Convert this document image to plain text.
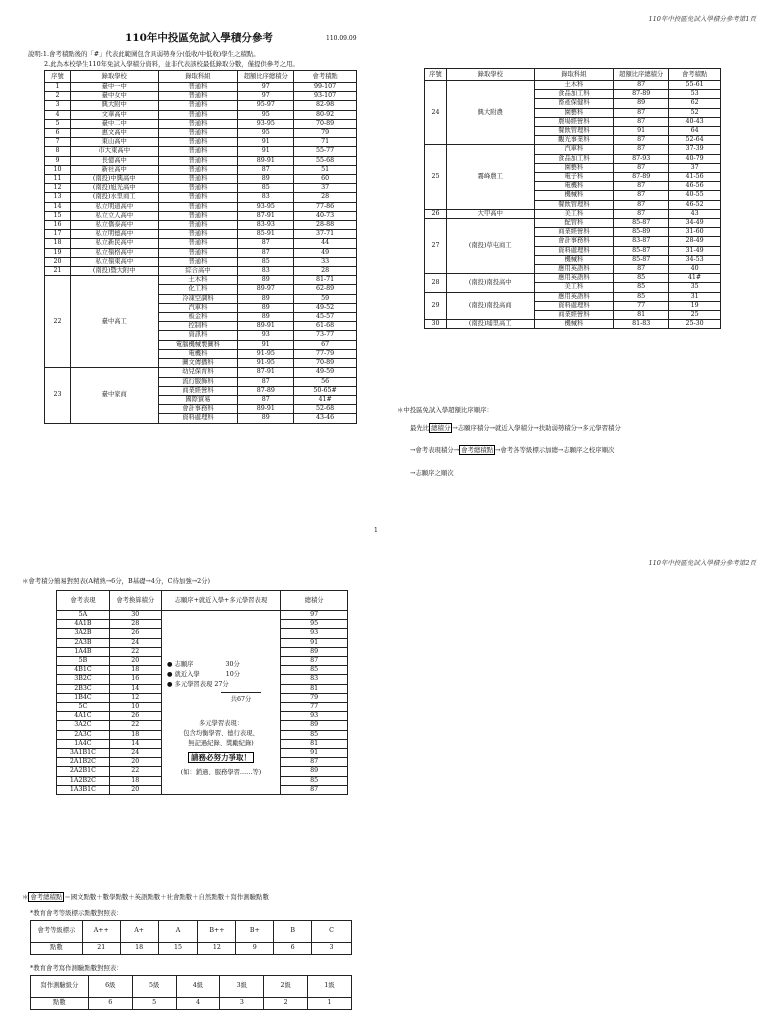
110年中投區免試入學積分參考第1頁
110年中投區免試入學積分參考	110.09.09
說明:1.會考積點後的「#」代表此範圍包含具弱勢身分(低收/中低收)學生之積點。
2.此為本校學生110年免試入學積分資料，並非代表該校最低錄取分數，僅提供參考之用。
序號	錄取學校	錄取科組	超額比序總積分	會考積點
1	臺中一中	普通科	97	99-107
2	臺中女中	普通科	97	93-107
3	興大附中	普通科	95-97	82-98
4	文華高中	普通科	95	80-92
5	臺中二中	普通科	93-95	70-89
6	惠文高中	普通科	95	79
7	東山高中	普通科	91	71
8	市大東高中	普通科	91	55-77
9	長億高中	普通科	89-91	55-68
10	新社高中	普通科	87	51
11	(南投)中興高中	普通科	89	60
12	(南投)旭光高中	普通科	85	37
13	(南投)水里商工	普通科	83	28
14	私立明道高中	普通科	93-95	77-86
15	私立立人高中	普通科	87-91	40-73
16	私立僑泰高中	普通科	83-93	28-88
17	私立明德高中	普通科	85-91	37-71
18	私立新民高中	普通科	87	44
19	私立嶺格高中	普通科	87	49
20	私立嶺東高中	普通科	85	33
21	(南投)暨大附中	綜合高中	83	28
22	臺中高工	土木科	89	81-71
		化工科	89-97	62-89
		冷凍空調科	89	59
		汽車科	89	49-52
		板金科	89	45-57
		控制科	89-91	61-68
		資訊科	93	73-77
		電腦機械製圖科	91	67
		電機科	91-95	77-79
		圖文傳播科	91-95	70-89
23	臺中家商	幼兒保育科	87-91	49-59
		流行服飾科	87	56
		商業經營科	87-89	50-65#
		國際貿易	87	41#
		會計事務科	89-91	52-68
		資料處理科	89	43-46
序號	錄取學校	錄取科組	超額比序總積分	會考積點
24	興大附農	土木科	87	55-61
		食品加工科	87-89	53
		畜產保健科	89	62
		園藝科	87	52
		農場經營科	87	40-43
		餐飲管理科	91	64
		觀光事業科	87	52-64
25	霧峰農工	汽車科	87	37-39
		食品加工科	87-93	40-79
		園藝科	87	37
		電子科	87-89	41-56
		電機科	87	46-56
		機械科	87	40-55
		餐飲管理科	87	46-52
26	大甲高中	美工科	87	43
27	(南投)草屯商工	配管科	85-87	34-49
		商業經營科	85-89	31-60
		會計事務科	83-87	28-49
		資料處理科	85-87	31-49
		機械科	85-87	34-53
		應用英語科	87	40
28	(南投)南投高中	應用英語科	85	41#
		美工科	85	35
29	(南投)南投高商	應用英語科	85	31
		資料處理科	77	19
		商業經營科	81	25
30	(南投)埔里高工	機械科	81-83	25-30
＊中投區免試入學超額比序順序：
最先比 總積分 →志願序積分→就近入學積分→扶助弱勢積分→多元學習積分
→會考表現積分→ 會考總積點 →會考各等級標示加總→志願序之校序順次
→志願序之順次
1
110年中投區免試入學積分參考第2頁
＊會考積分簡易對照表(A精熟→6分，B基礎→4分，C待加強→2分)
會考表現	會考換算積分	志願序+就近入學+多元學習表現	總積分
5A	30		97
4A1B	28		95
3A2B	26		93
2A3B	24		91
1A4B	22		89
5B	20		87
4B1C	18		85
3B2C	16		83
2B3C	14		81
1B4C	12		79
5C	10		77
4A1C	26		93
3A2C	22		89
2A3C	18		85
1A4C	14		81
3A1B1C	24		91
2A1B2C	20		87
2A2B1C	22		89
1A2B2C	18		85
1A3B1C	20		87
● 志願序	30分
● 就近入學	10分
● 多元學習表現 27分
共67分
多元學習表現：
包含均衡學習、德行表現、
無記過紀錄、獎勵紀錄)
請務必努力爭取！
(如：銷過、服務學習……等)
＊ 會考總積點 ＝國文點數＋數學點數＋英語點數＋社會點數＋自然點數＋寫作測驗點數
*教育會考等級標示點數對照表：
會考等級標示	A++	A+	A	B++	B+	B	C
點數	21	18	15	12	9	6	3
*教育會考寫作測驗點數對照表：
寫作測驗級分	6級	5級	4級	3級	2級	1級
點數	6	5	4	3	2	1
